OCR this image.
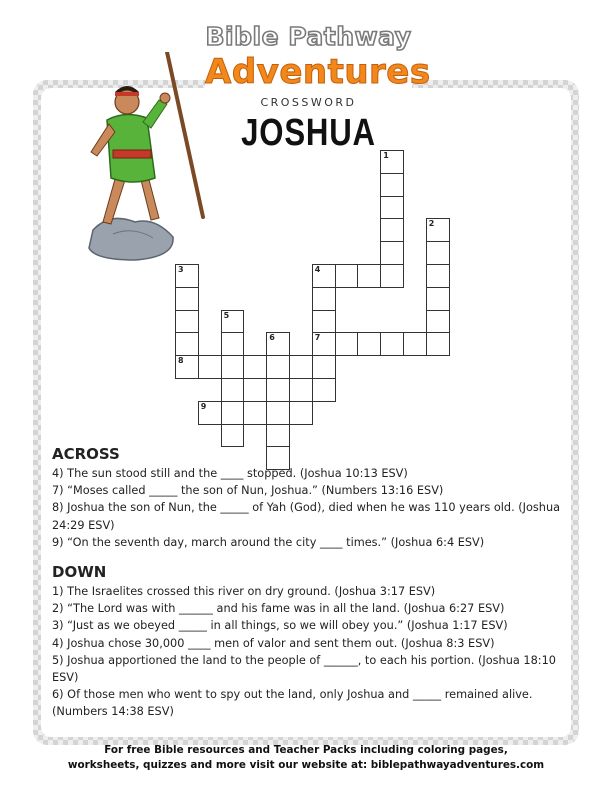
Bible Pathway
Adventures
CROSSWORD
JOSHUA
1
2
3
8
4
7
5
6
9

ACROSS

4) The sun stood still and the ____ stopped. (Joshua 10:13 ESV)

7) “Moses called _____ the son of Nun, Joshua.” (Numbers 13:16 ESV)

8) Joshua the son of Nun, the _____ of Yah (God), died when he was 110 years old. (Joshua 24:29 ESV)

9) “On the seventh day, march around the city ____ times.” (Joshua 6:4 ESV)

DOWN

1) The Israelites crossed this river on dry ground. (Joshua 3:17 ESV)

2) “The Lord was with ______ and his fame was in all the land. (Joshua 6:27 ESV)

3) “Just as we obeyed _____ in all things, so we will obey you.” (Joshua 1:17 ESV)

4) Joshua chose 30,000 ____ men of valor and sent them out. (Joshua 8:3 ESV)

5) Joshua apportioned the land to the people of ______, to each his portion. (Joshua 18:10 ESV)

6) Of those men who went to spy out the land, only Joshua and _____ remained alive. (Numbers 14:38 ESV)

For free Bible resources and Teacher Packs including coloring pages,
worksheets, quizzes and more visit our website at: biblepathwayadventures.com
